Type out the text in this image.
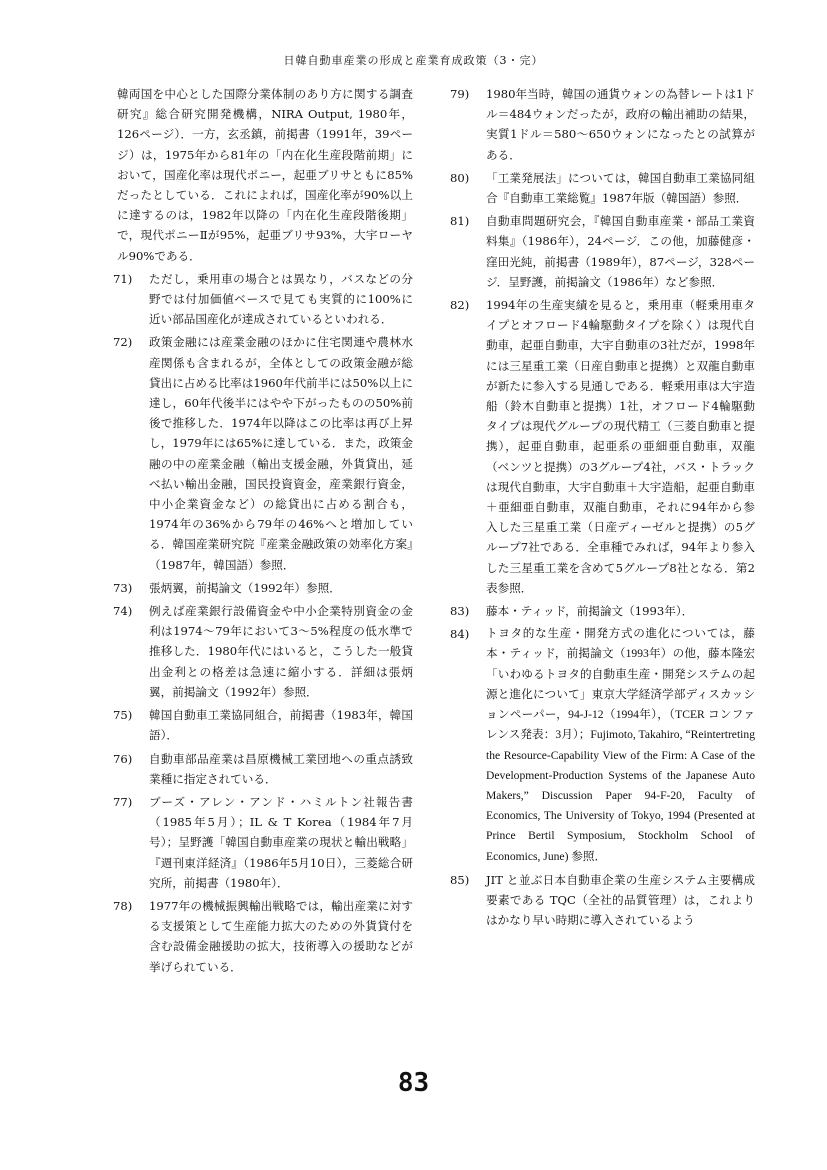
日韓自動車産業の形成と産業育成政策（3・完）

韓両国を中心とした国際分業体制のあり方に関する調査研究』総合研究開発機構，NIRA Output, 1980年，126ページ）．一方，玄丞鎮，前掲書（1991年，39ページ）は，1975年から81年の「内在化生産段階前期」において，国産化率は現代ポニー，起亜ブリサともに85%だったとしている．これによれば，国産化率が90%以上に達するのは，1982年以降の「内在化生産段階後期」で，現代ポニーⅡが95%，起亜ブリサ93%，大宇ローヤル90%である．

71)	ただし，乗用車の場合とは異なり，バスなどの分野では付加価値ベースで見ても実質的に100%に近い部品国産化が達成されているといわれる．
72)	政策金融には産業金融のほかに住宅関連や農林水産関係も含まれるが，全体としての政策金融が総貸出に占める比率は1960年代前半には50%以上に達し，60年代後半にはやや下がったものの50%前後で推移した．1974年以降はこの比率は再び上昇し，1979年には65%に達している．また，政策金融の中の産業金融（輸出支援金融，外貨貸出，延べ払い輸出金融，国民投資資金，産業銀行資金，中小企業資金など）の総貸出に占める割合も，1974年の36%から79年の46%へと増加している．韓国産業研究院『産業金融政策の効率化方案』（1987年，韓国語）参照．
73)	張炳翼，前掲論文（1992年）参照．
74)	例えば産業銀行設備資金や中小企業特別資金の金利は1974～79年において3～5%程度の低水準で推移した．1980年代にはいると，こうした一般貸出金利との格差は急速に縮小する．詳細は張炳翼，前掲論文（1992年）参照．
75)	韓国自動車工業協同組合，前掲書（1983年，韓国語）．
76)	自動車部品産業は昌原機械工業団地への重点誘致業種に指定されている．
77)	ブーズ・アレン・アンド・ハミルトン社報告書（1985年5月）；IL & T Korea（1984年7月号）；呈野護「韓国自動車産業の現状と輸出戦略」『週刊東洋経済』（1986年5月10日），三菱総合研究所，前掲書（1980年）．
78)	1977年の機械振興輸出戦略では，輸出産業に対する支援策として生産能力拡大のための外貨貸付を含む設備金融援助の拡大，技術導入の援助などが挙げられている．
79)	1980年当時，韓国の通貨ウォンの為替レートは1ドル＝484ウォンだったが，政府の輸出補助の結果，実質1ドル＝580～650ウォンになったとの試算がある．
80)	「工業発展法」については，韓国自動車工業協同組合『自動車工業総覧』1987年版（韓国語）参照．
81)	自動車問題研究会，『韓国自動車産業・部品工業資料集』（1986年），24ページ．この他，加藤健彦・窪田光純，前掲書（1989年），87ページ，328ページ．呈野護，前掲論文（1986年）など参照．
82)	1994年の生産実績を見ると，乗用車（軽乗用車タイプとオフロード4輪駆動タイプを除く）は現代自動車，起亜自動車，大宇自動車の3社だが，1998年には三星重工業（日産自動車と提携）と双龍自動車が新たに参入する見通しである．軽乗用車は大宇造船（鈴木自動車と提携）1社，オフロード4輪駆動タイプは現代グループの現代精工（三菱自動車と提携），起亜自動車，起亜系の亜細亜自動車，双龍（ベンツと提携）の3グループ4社，バス・トラックは現代自動車，大宇自動車＋大宇造船，起亜自動車＋亜細亜自動車，双龍自動車，それに94年から参入した三星重工業（日産ディーゼルと提携）の5グループ7社である．全車種でみれば，94年より参入した三星重工業を含めて5グループ8社となる．第2表参照．
83)	藤本・ティッド，前掲論文（1993年）．
84)	トヨタ的な生産・開発方式の進化については，藤本・ティッド，前掲論文（1993年）の他，藤本隆宏「いわゆるトヨタ的自動車生産・開発システムの起源と進化について」東京大学経済学部ディスカッションペーパー，94-J-12（1994年），（TCER コンファレンス発表：3月）；Fujimoto, Takahiro, “Reintertreting the Resource-Capability View of the Firm: A Case of the Development-Production Systems of the Japanese Auto Makers,” Discussion Paper 94-F-20, Faculty of Economics, The University of Tokyo, 1994 (Presented at Prince Bertil Symposium, Stockholm School of Economics, June) 参照．
85)	JIT と並ぶ日本自動車企業の生産システム主要構成要素である TQC（全社的品質管理）は，これよりはかなり早い時期に導入されているよう
83
